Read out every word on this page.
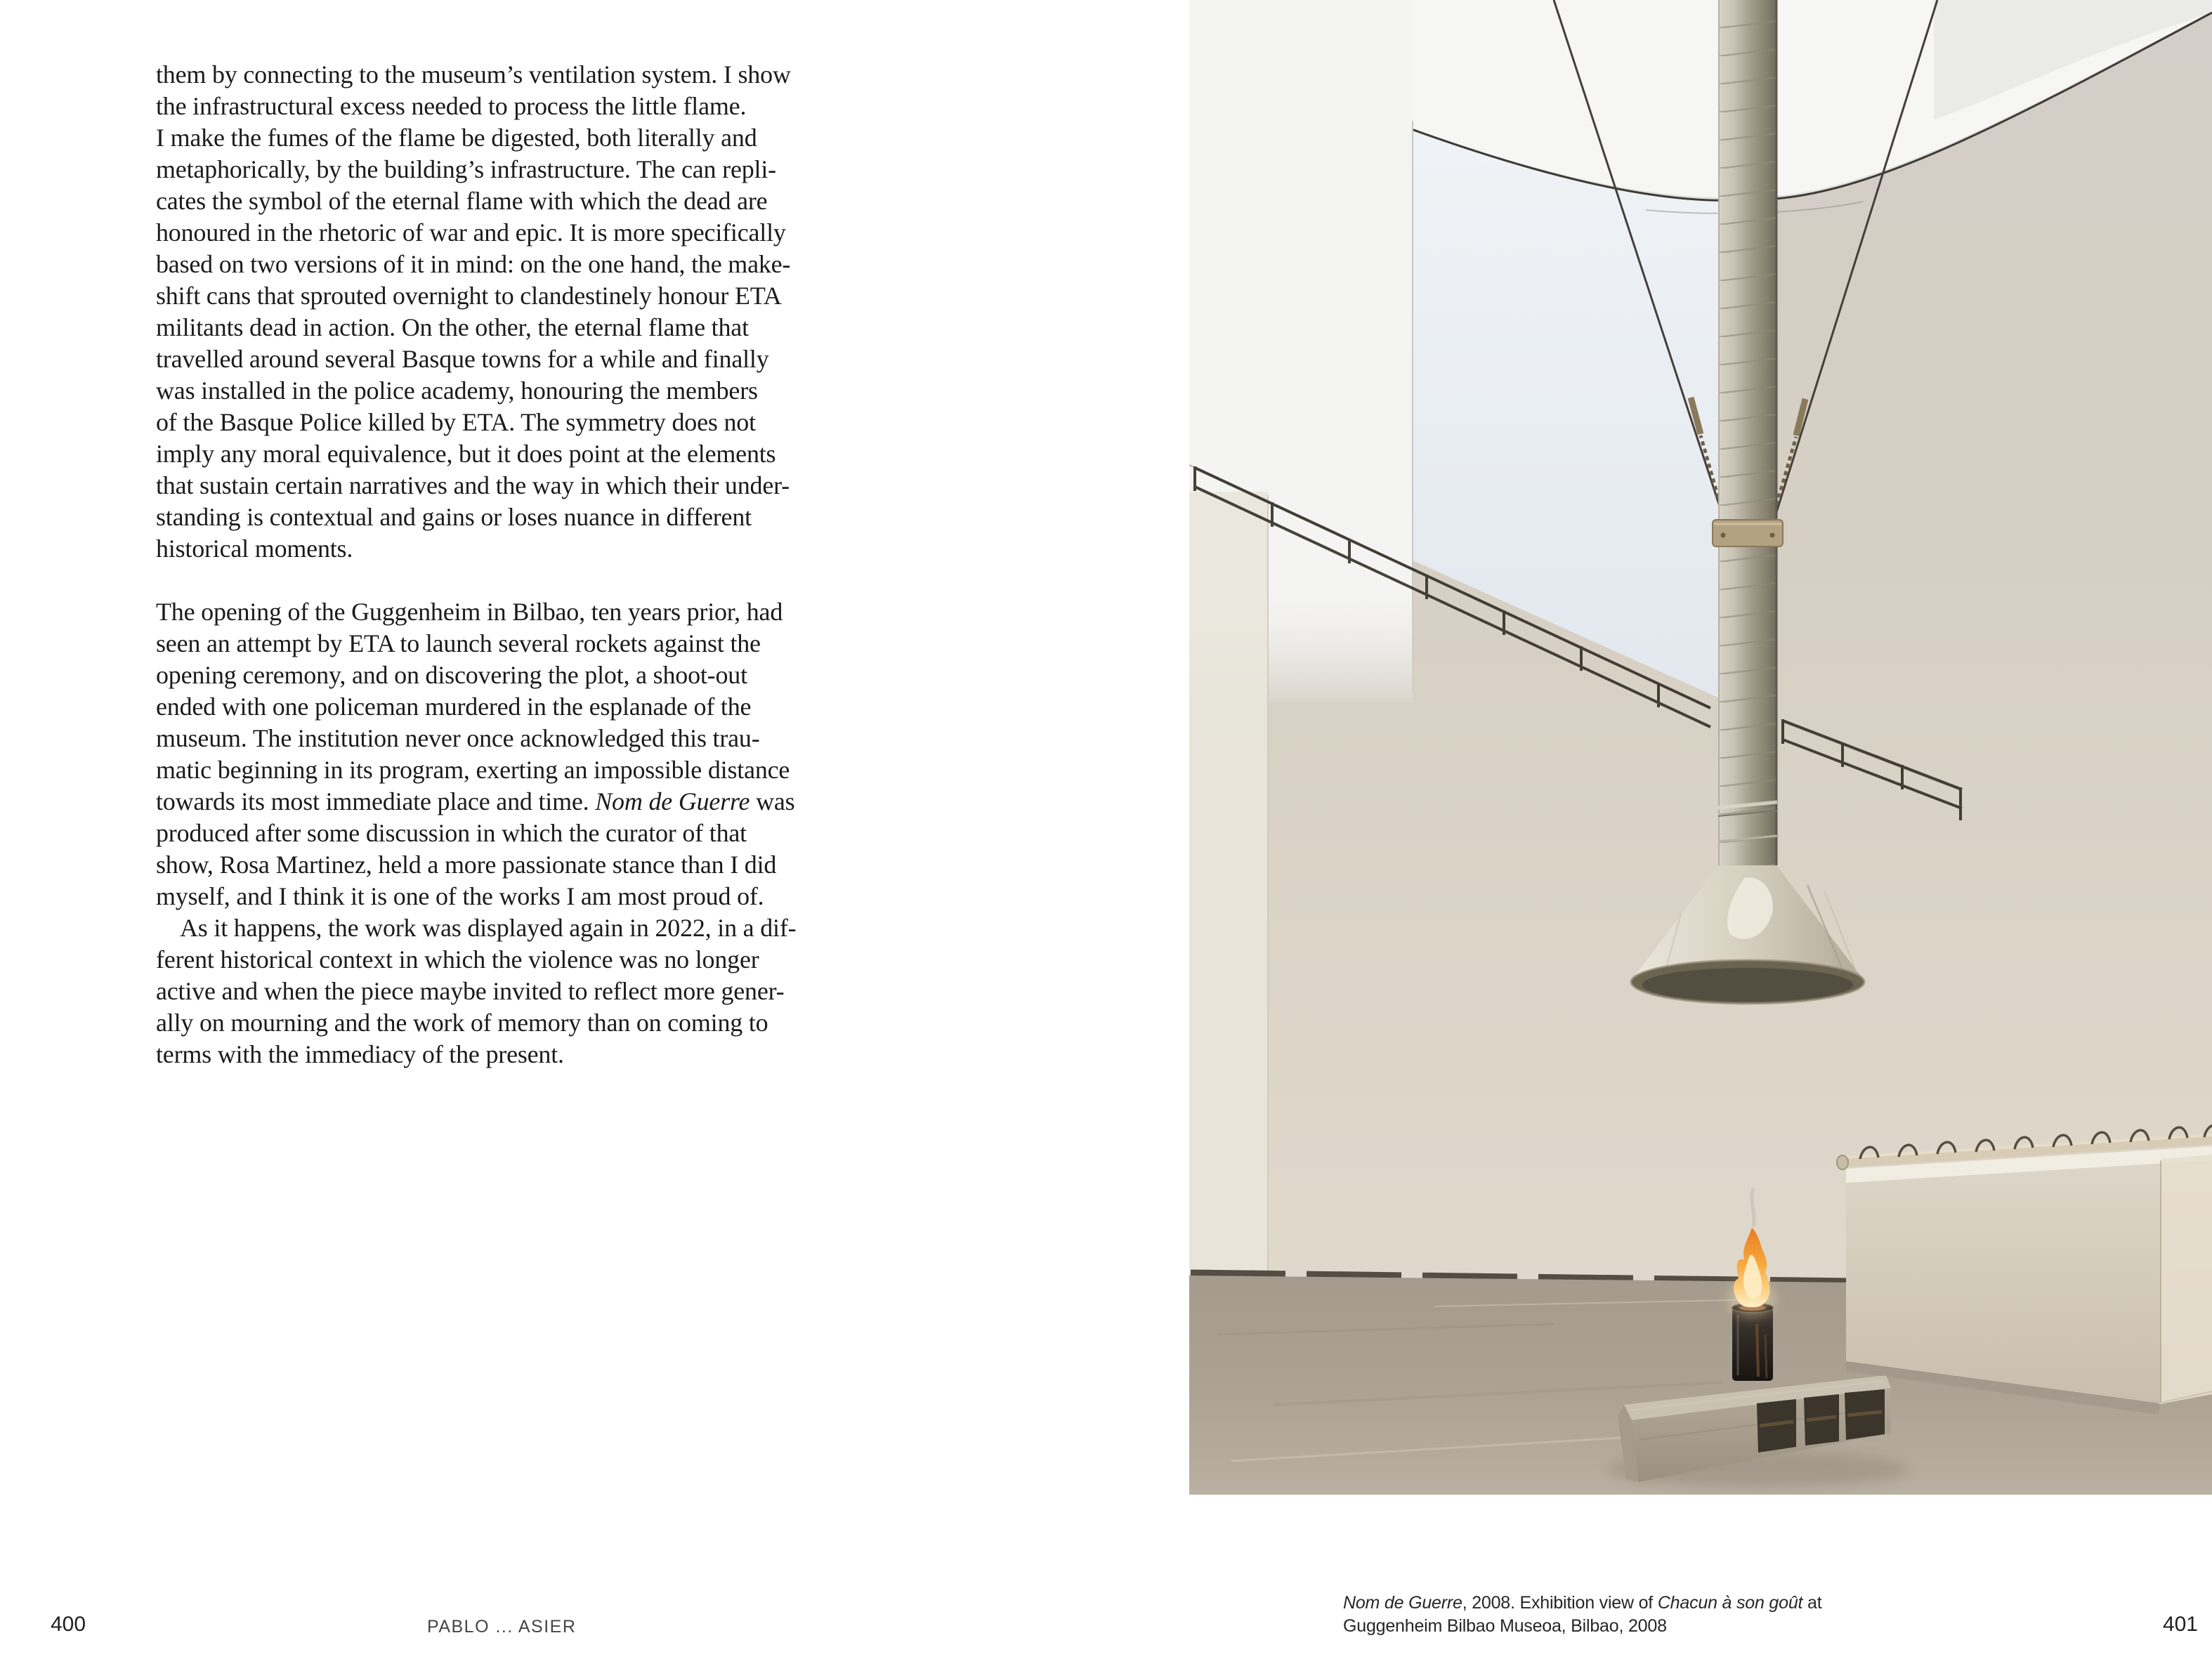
them by connecting to the museum’s ventilation system. I show
the infrastructural excess needed to process the little flame.
I make the fumes of the flame be digested, both literally and
metaphorically, by the building’s infrastructure. The can repli-
cates the symbol of the eternal flame with which the dead are
honoured in the rhetoric of war and epic. It is more specifically
based on two versions of it in mind: on the one hand, the make-
shift cans that sprouted overnight to clandestinely honour ETA
militants dead in action. On the other, the eternal flame that
travelled around several Basque towns for a while and finally
was installed in the police academy, honouring the members
of the Basque Police killed by ETA. The symmetry does not
imply any moral equivalence, but it does point at the elements
that sustain certain narratives and the way in which their under-
standing is contextual and gains or loses nuance in different
historical moments.
The opening of the Guggenheim in Bilbao, ten years prior, had
seen an attempt by ETA to launch several rockets against the
opening ceremony, and on discovering the plot, a shoot-out
ended with one policeman murdered in the esplanade of the
museum. The institution never once acknowledged this trau-
matic beginning in its program, exerting an impossible distance
towards its most immediate place and time. Nom de Guerre was
produced after some discussion in which the curator of that
show, Rosa Martinez, held a more passionate stance than I did
myself, and I think it is one of the works I am most proud of.
As it happens, the work was displayed again in 2022, in a dif-
ferent historical context in which the violence was no longer
active and when the piece maybe invited to reflect more gener-
ally on mourning and the work of memory than on coming to
terms with the immediacy of the present.
400	PABLO ... ASIER
Nom de Guerre, 2008. Exhibition view of Chacun à son goût at
Guggenheim Bilbao Museoa, Bilbao, 2008	401
